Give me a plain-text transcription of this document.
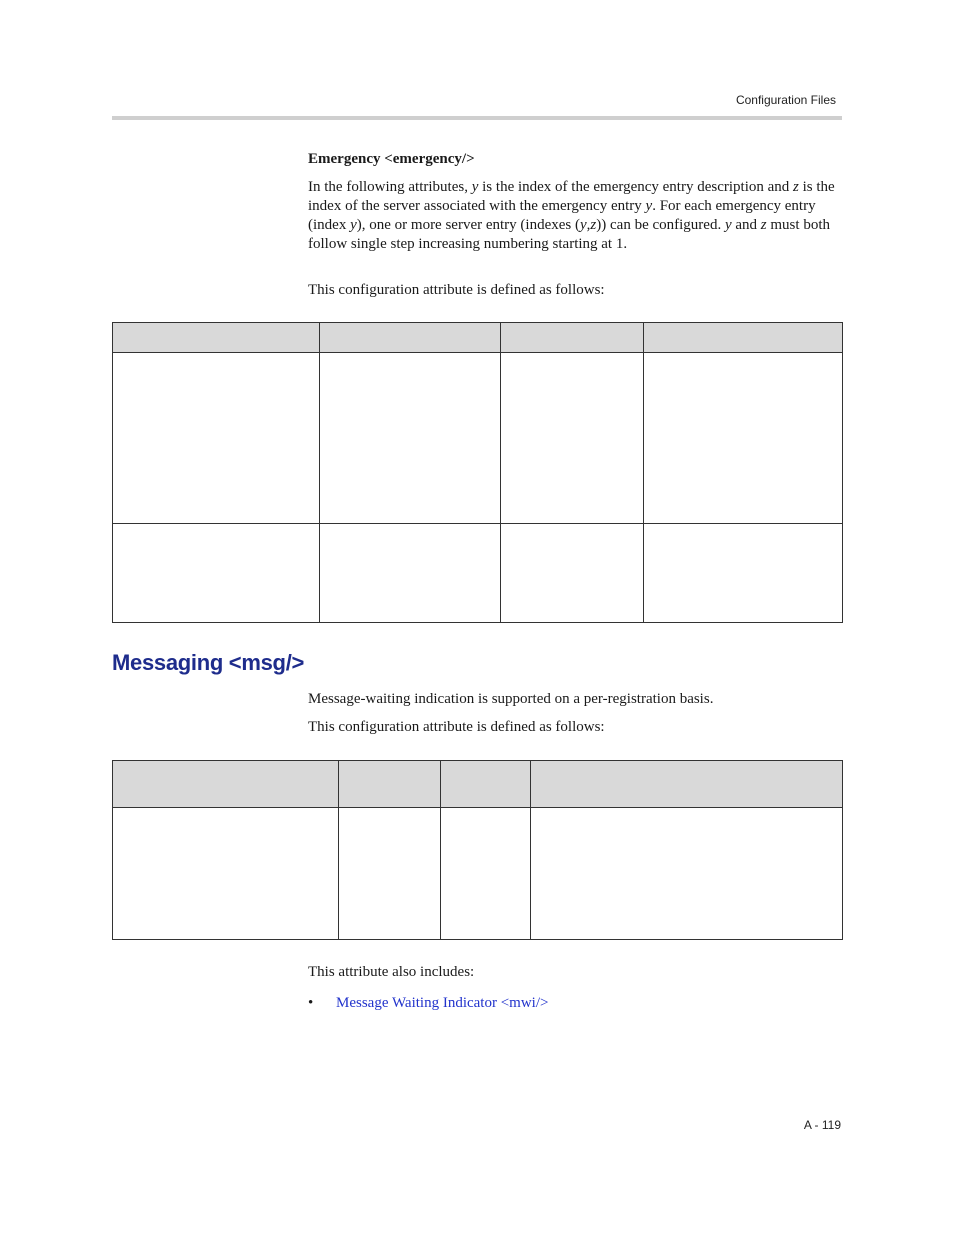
Configuration Files
Emergency <emergency/>
In the following attributes, y is the index of the emergency entry description and z is the index of the server associated with the emergency entry y. For each emergency entry (index y), one or more server entry (indexes (y,z)) can be configured. y and z must both follow single step increasing numbering starting at 1.
This configuration attribute is defined as follows:

Messaging <msg/>
Message-waiting indication is supported on a per-registration basis.
This configuration attribute is defined as follows:

This attribute also includes:
• Message Waiting Indicator <mwi/>
A - 119
